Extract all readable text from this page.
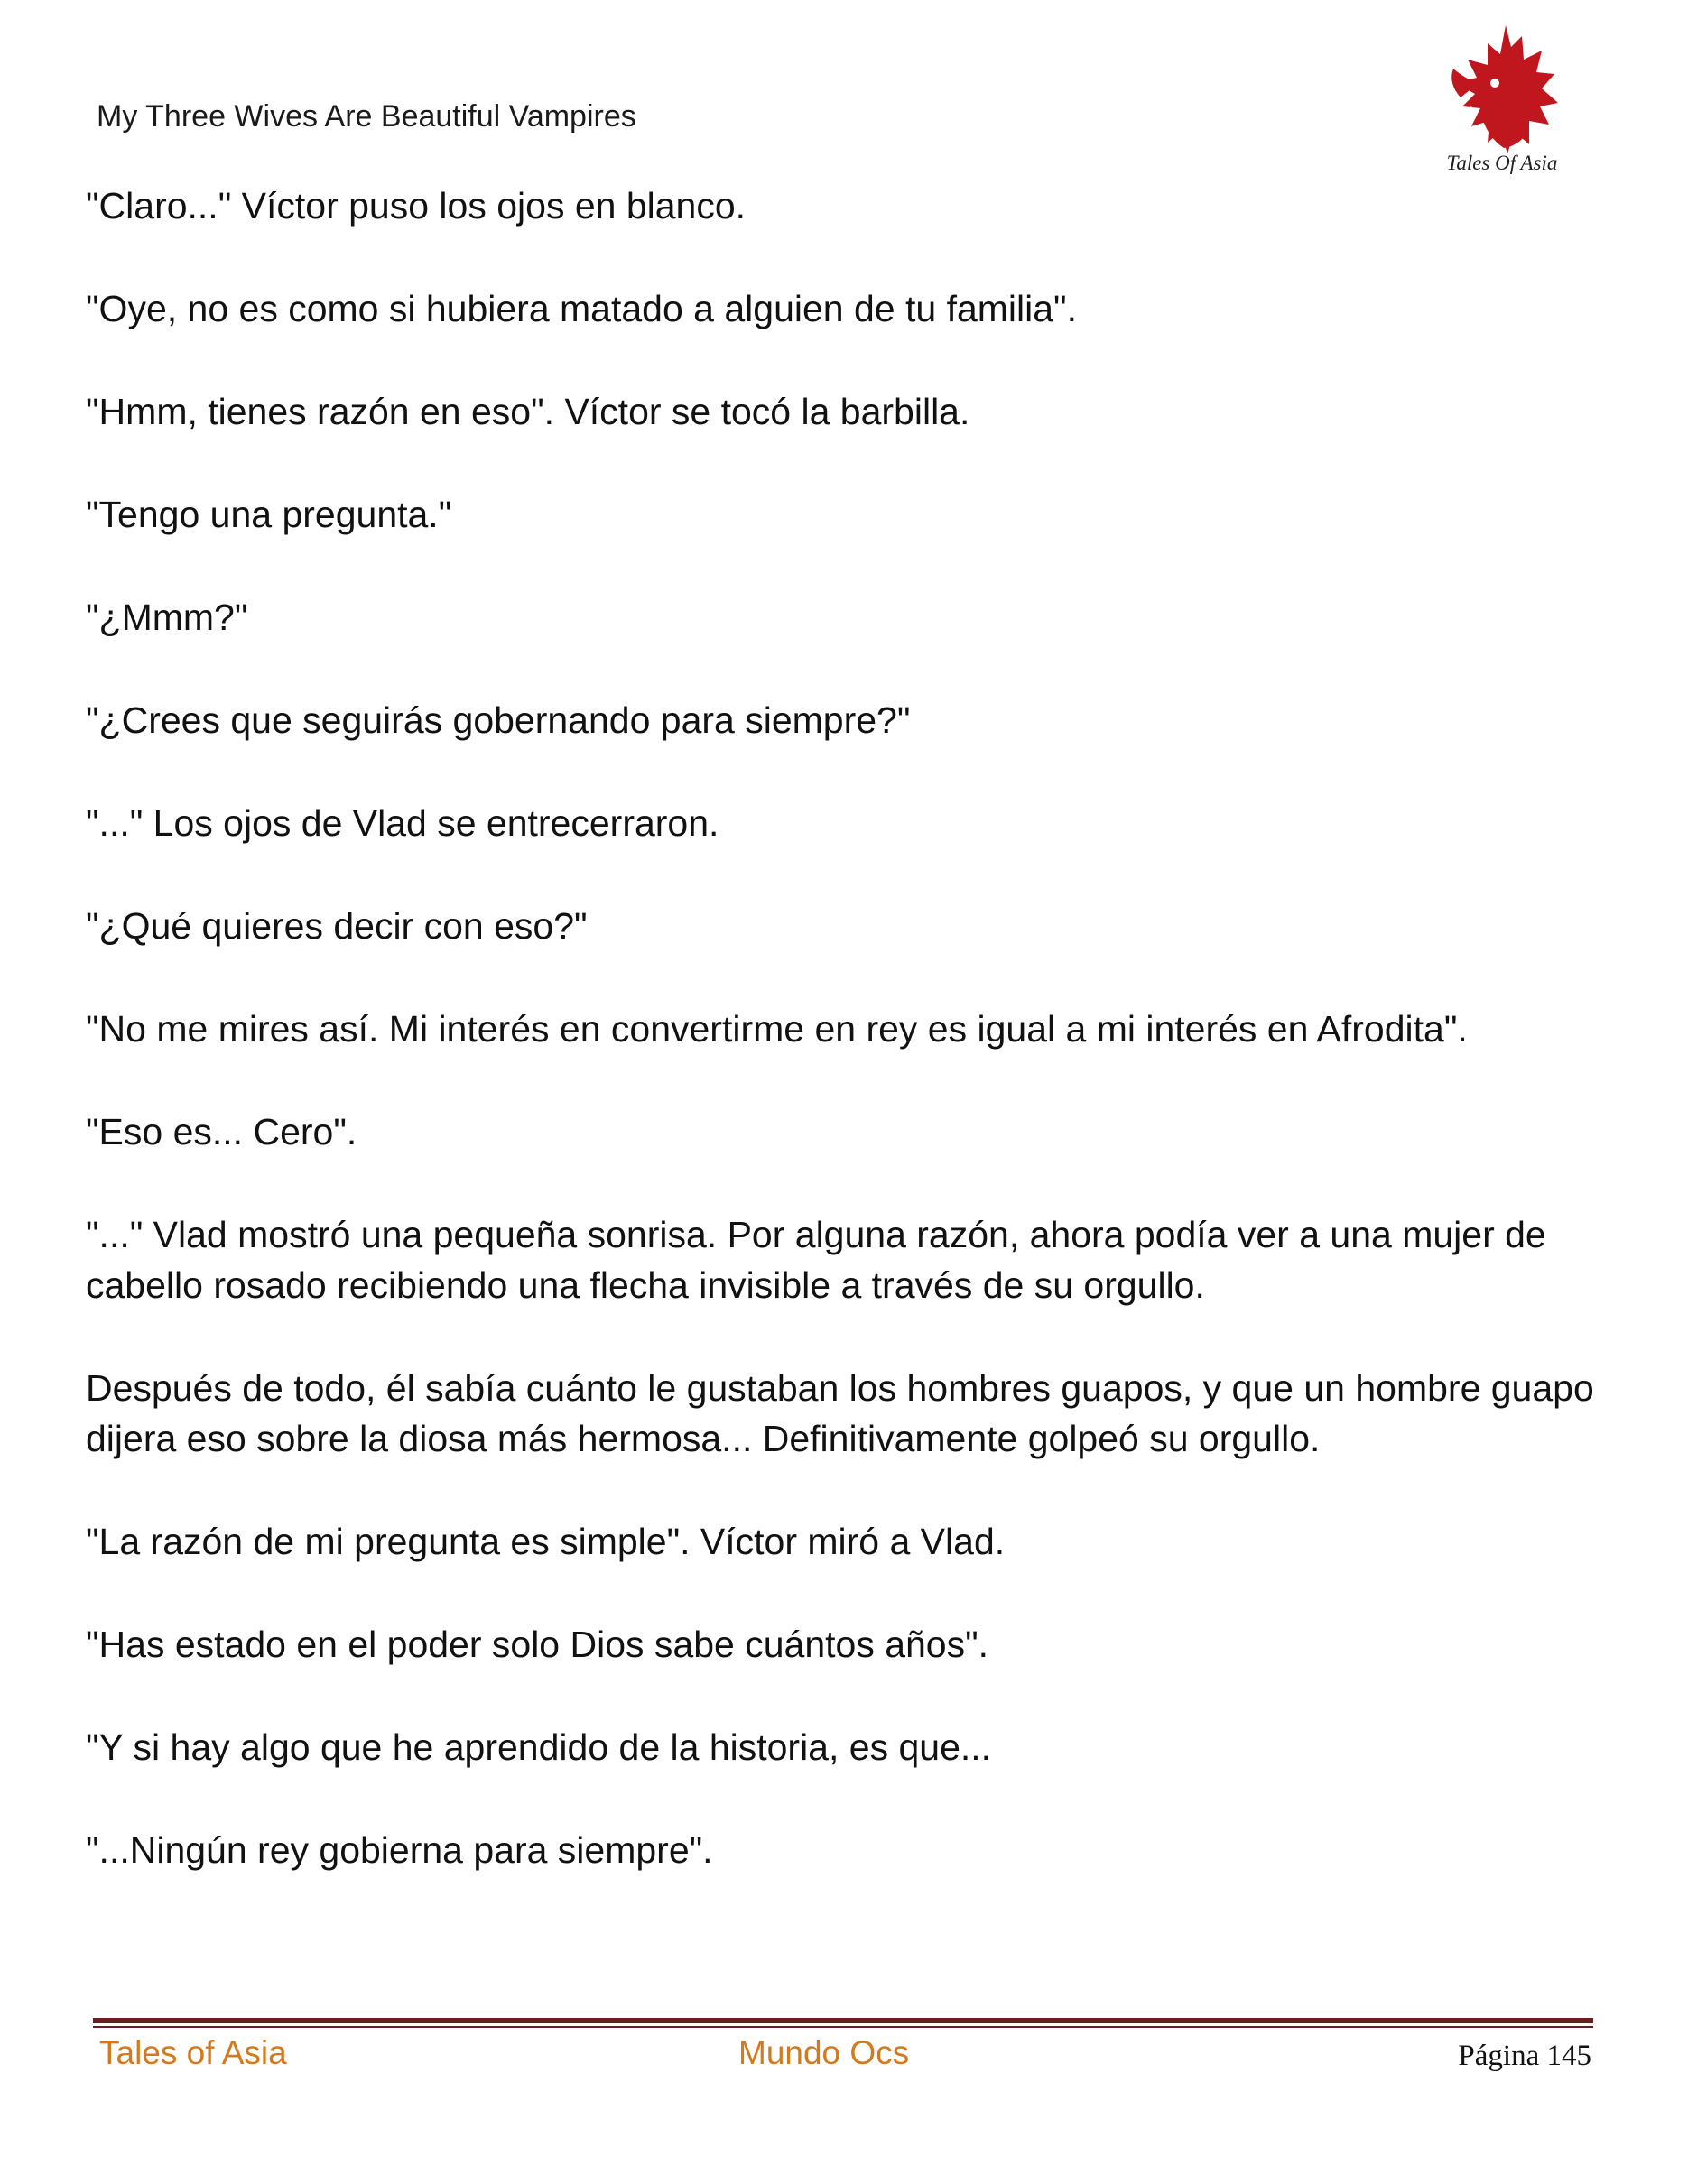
My Three Wives Are Beautiful Vampires
Tales Of Asia

"Claro..." Víctor puso los ojos en blanco.

"Oye, no es como si hubiera matado a alguien de tu familia".

"Hmm, tienes razón en eso". Víctor se tocó la barbilla.

"Tengo una pregunta."

"¿Mmm?"

"¿Crees que seguirás gobernando para siempre?"

"..." Los ojos de Vlad se entrecerraron.

"¿Qué quieres decir con eso?"

"No me mires así. Mi interés en convertirme en rey es igual a mi interés en Afrodita".

"Eso es... Cero".

"..." Vlad mostró una pequeña sonrisa. Por alguna razón, ahora podía ver a una mujer de cabello rosado recibiendo una flecha invisible a través de su orgullo.

Después de todo, él sabía cuánto le gustaban los hombres guapos, y que un hombre guapo dijera eso sobre la diosa más hermosa... Definitivamente golpeó su orgullo.

"La razón de mi pregunta es simple". Víctor miró a Vlad.

"Has estado en el poder solo Dios sabe cuántos años".

"Y si hay algo que he aprendido de la historia, es que...

"...Ningún rey gobierna para siempre".

Tales of Asia	Mundo Ocs	Página 145
